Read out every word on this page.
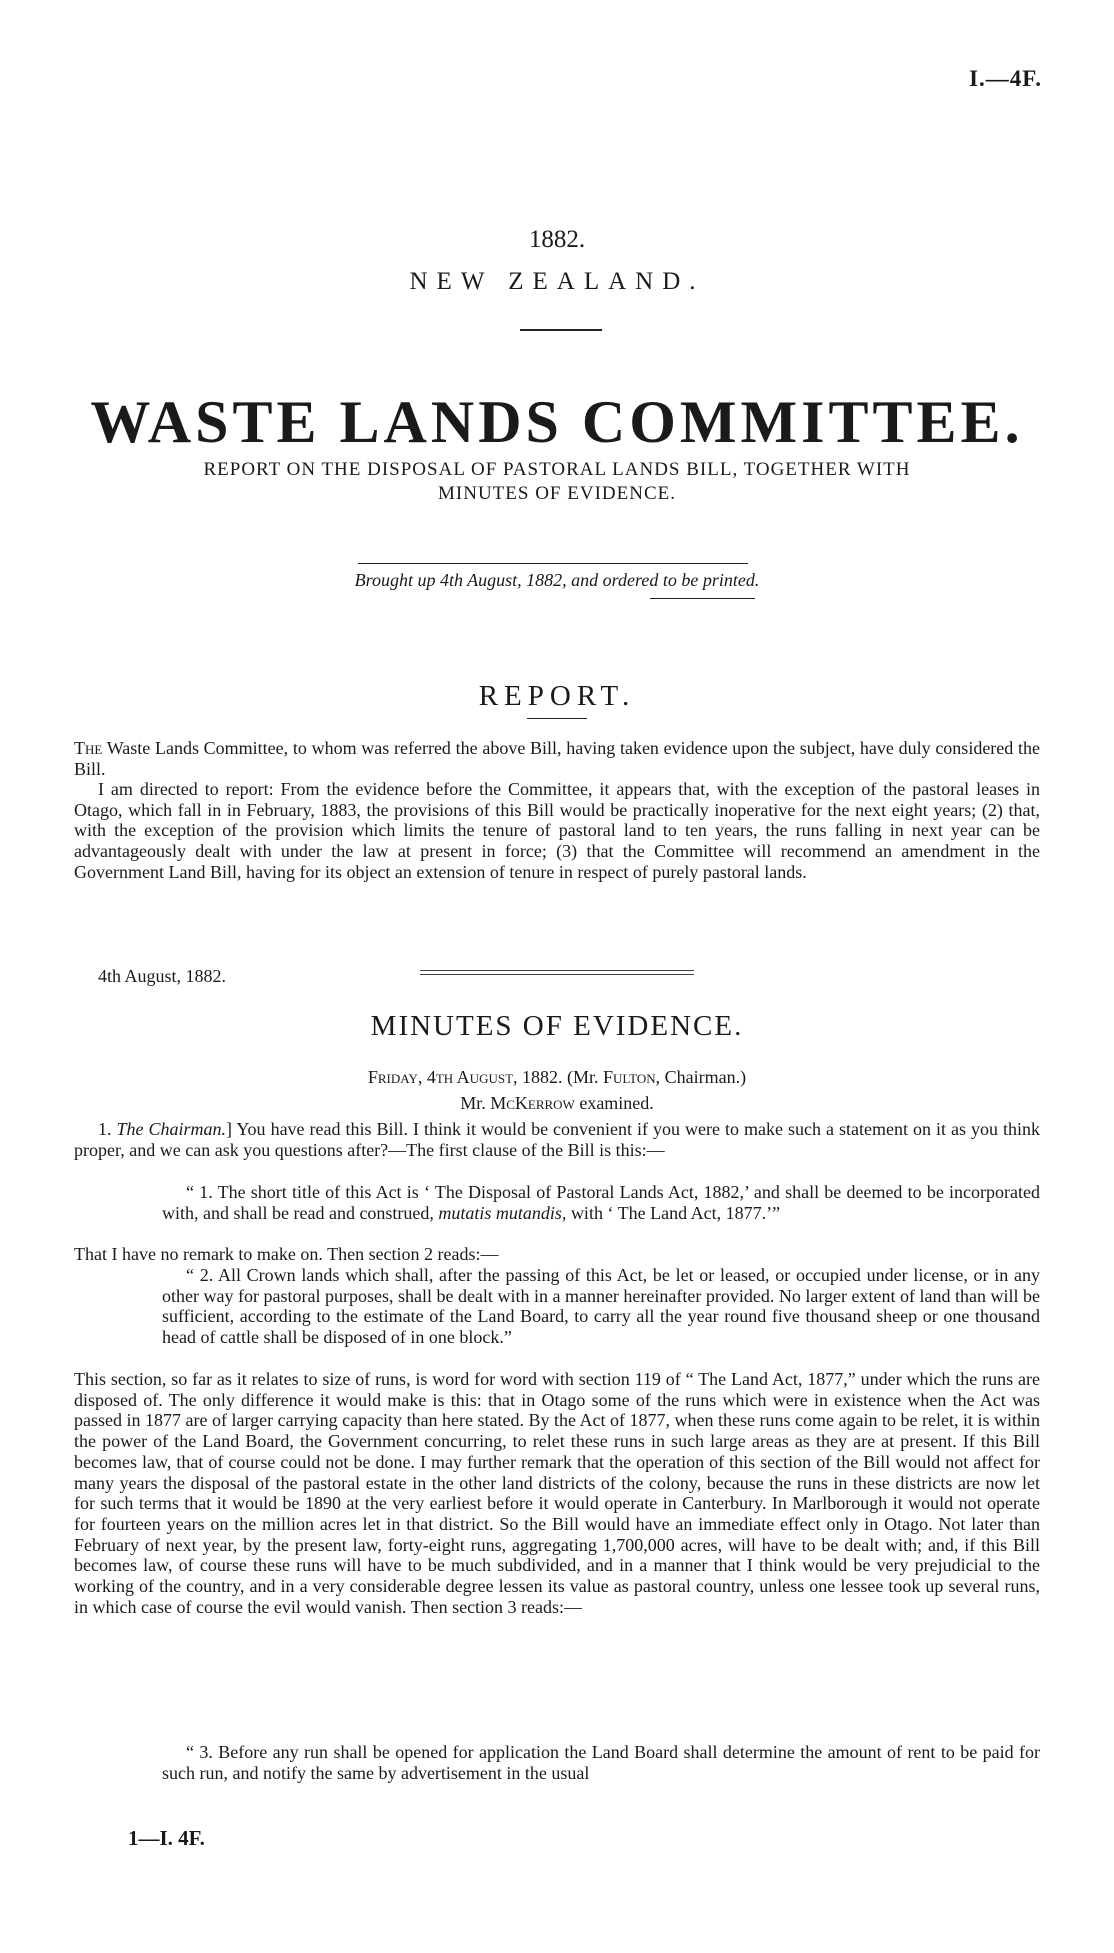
I.—4F.
1882.
NEW ZEALAND.
WASTE LANDS COMMITTEE.
REPORT ON THE DISPOSAL OF PASTORAL LANDS BILL, TOGETHER WITH
MINUTES OF EVIDENCE.
Brought up 4th August, 1882, and ordered to be printed.
REPORT.

The Waste Lands Committee, to whom was referred the above Bill, having taken evidence upon the subject, have duly considered the Bill.

I am directed to report: From the evidence before the Committee, it appears that, with the exception of the pastoral leases in Otago, which fall in in February, 1883, the provisions of this Bill would be practically inoperative for the next eight years; (2) that, with the exception of the provision which limits the tenure of pastoral land to ten years, the runs falling in next year can be advantageously dealt with under the law at present in force; (3) that the Committee will recommend an amendment in the Government Land Bill, having for its object an extension of tenure in respect of purely pastoral lands.

4th August, 1882.
MINUTES OF EVIDENCE.
Friday, 4th August, 1882. (Mr. Fulton, Chairman.)
Mr. McKerrow examined.

1. The Chairman.] You have read this Bill. I think it would be convenient if you were to make such a statement on it as you think proper, and we can ask you questions after?—The first clause of the Bill is this:—

“ 1. The short title of this Act is ‘ The Disposal of Pastoral Lands Act, 1882,’ and shall be deemed to be incorporated with, and shall be read and construed, mutatis mutandis, with ‘ The Land Act, 1877.’”

That I have no remark to make on. Then section 2 reads:—

“ 2. All Crown lands which shall, after the passing of this Act, be let or leased, or occupied under license, or in any other way for pastoral purposes, shall be dealt with in a manner hereinafter provided. No larger extent of land than will be sufficient, according to the estimate of the Land Board, to carry all the year round five thousand sheep or one thousand head of cattle shall be disposed of in one block.”

This section, so far as it relates to size of runs, is word for word with section 119 of “ The Land Act, 1877,” under which the runs are disposed of. The only difference it would make is this: that in Otago some of the runs which were in existence when the Act was passed in 1877 are of larger carrying capacity than here stated. By the Act of 1877, when these runs come again to be relet, it is within the power of the Land Board, the Government concurring, to relet these runs in such large areas as they are at present. If this Bill becomes law, that of course could not be done. I may further remark that the operation of this section of the Bill would not affect for many years the disposal of the pastoral estate in the other land districts of the colony, because the runs in these districts are now let for such terms that it would be 1890 at the very earliest before it would operate in Canterbury. In Marlborough it would not operate for fourteen years on the million acres let in that district. So the Bill would have an immediate effect only in Otago. Not later than February of next year, by the present law, forty-eight runs, aggregating 1,700,000 acres, will have to be dealt with; and, if this Bill becomes law, of course these runs will have to be much subdivided, and in a manner that I think would be very prejudicial to the working of the country, and in a very considerable degree lessen its value as pastoral country, unless one lessee took up several runs, in which case of course the evil would vanish. Then section 3 reads:—

“ 3. Before any run shall be opened for application the Land Board shall determine the amount of rent to be paid for such run, and notify the same by advertisement in the usual

1—I. 4F.
